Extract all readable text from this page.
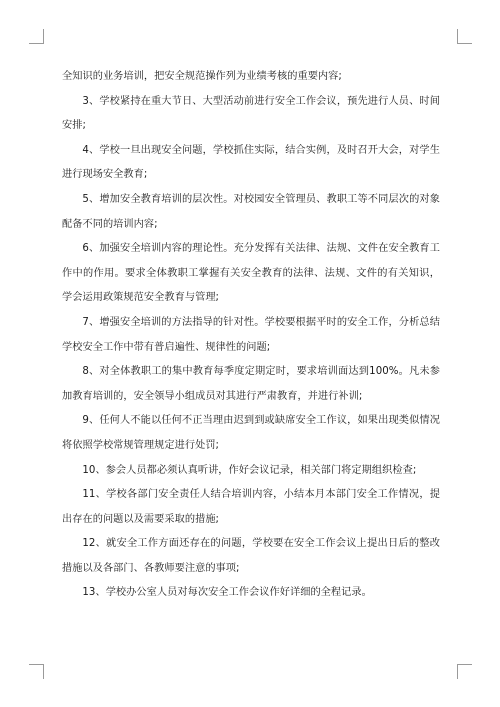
全知识的业务培训，把安全规范操作列为业绩考核的重要内容;

3、学校紧持在重大节日、大型活动前进行安全工作会议，预先进行人员、时间安排;

4、学校一旦出现安全问题，学校抓住实际，结合实例，及时召开大会，对学生进行现场安全教育;

5、增加安全教育培训的层次性。对校园安全管理员、教职工等不同层次的对象配备不同的培训内容;

6、加强安全培训内容的理论性。充分发挥有关法律、法规、文件在安全教育工作中的作用。要求全体教职工掌握有关安全教育的法律、法规、文件的有关知识，学会运用政策规范安全教育与管理;

7、增强安全培训的方法指导的针对性。学校要根据平时的安全工作，分析总结学校安全工作中带有普启遍性、规律性的问题;

8、对全体教职工的集中教育每季度定期定时，要求培训面达到100%。凡未参加教育培训的，安全领导小组成员对其进行严肃教育，并进行补训;

9、任何人不能以任何不正当理由迟到到或缺席安全工作议，如果出现类似情况将依照学校常规管理规定进行处罚;

10、参会人员都必须认真听讲，作好会议记录，相关部门将定期组织检查;

11、学校各部门安全责任人结合培训内容，小结本月本部门安全工作情况，提出存在的问题以及需要采取的措施;

12、就安全工作方面还存在的问题，学校要在安全工作会议上提出日后的整改措施以及各部门、各教师要注意的事项;

13、学校办公室人员对每次安全工作会议作好详细的全程记录。
